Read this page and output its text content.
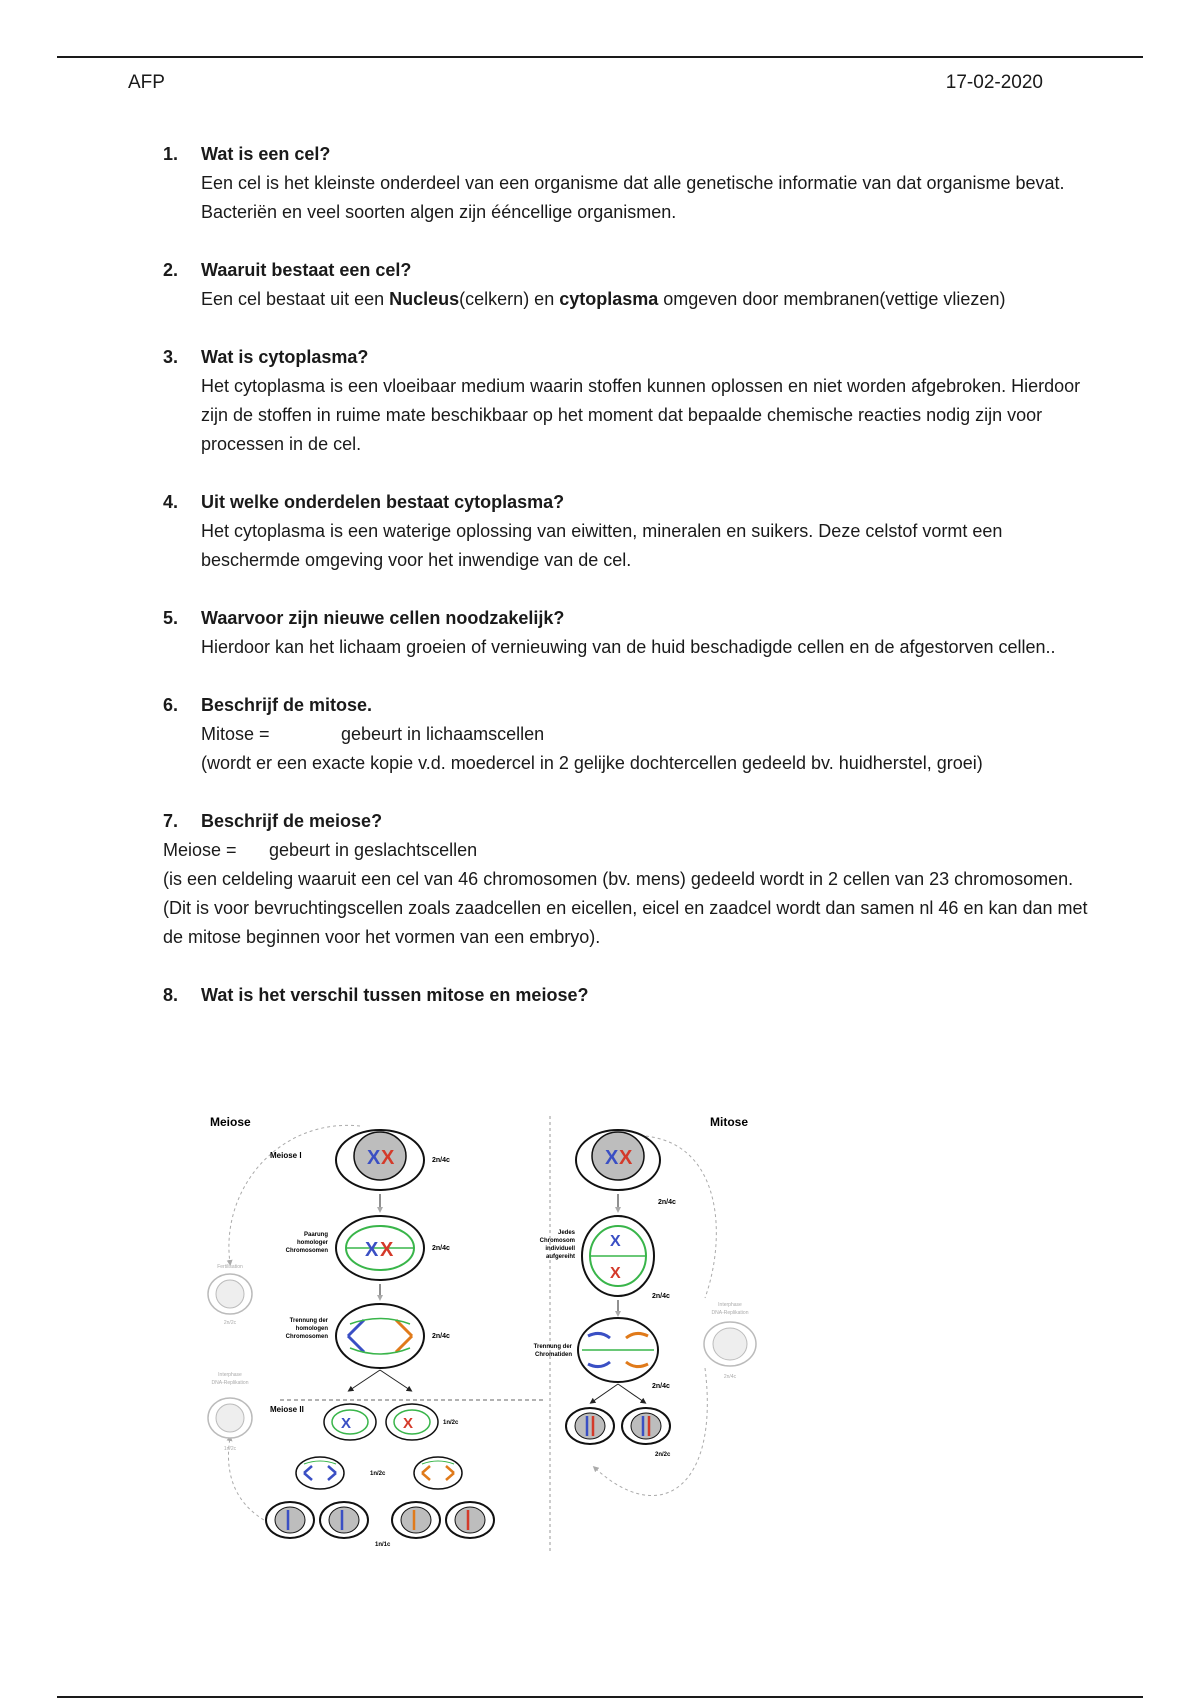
AFP	17-02-2020
1. Wat is een cel?
Een cel is het kleinste onderdeel van een organisme dat alle genetische informatie van dat organisme bevat. Bacteriën en veel soorten algen zijn ééncellige organismen.
2. Waaruit bestaat een cel?
Een cel bestaat uit een Nucleus(celkern) en cytoplasma omgeven door membranen(vettige vliezen)
3. Wat is cytoplasma?
Het cytoplasma is een vloeibaar medium waarin stoffen kunnen oplossen en niet worden afgebroken. Hierdoor zijn de stoffen in ruime mate beschikbaar op het moment dat bepaalde chemische reacties nodig zijn voor processen in de cel.
4. Uit welke onderdelen bestaat cytoplasma?
Het cytoplasma is een waterige oplossing van eiwitten, mineralen en suikers. Deze celstof vormt een beschermde omgeving voor het inwendige van de cel.
5. Waarvoor zijn nieuwe cellen noodzakelijk?
Hierdoor kan het lichaam groeien of vernieuwing van de huid beschadigde cellen en de afgestorven cellen..
6. Beschrijf de mitose.
Mitose =	gebeurt in lichaamscellen
(wordt er een exacte kopie v.d. moedercel in 2 gelijke dochtercellen gedeeld bv. huidherstel, groei)
7. Beschrijf de meiose?
Meiose = gebeurt in geslachtscellen
(is een celdeling waaruit een cel van 46 chromosomen (bv. mens) gedeeld wordt in 2 cellen van 23 chromosomen. (Dit is voor bevruchtingscellen zoals zaadcellen en eicellen, eicel en zaadcel wordt dan samen nl 46 en kan dan met de mitose beginnen voor het vormen van een embryo).
8. Wat is het verschil tussen mitose en meiose?
Meiose	Mitose
Meiose I	X X	2n/4c
X X	2n/4c
Paarung
homologer
Chromosomen
2n/4c
Trennung der
homologen
Chromosomen
Meiose II
X	X	1n/2c
1n/2c
1n/1c
Fertilisation
2n/2c
Interphase
DNA-Replikation
1n/2c
X X
2n/4c
X
X
Jedes
Chromosom
individuell
aufgereiht
2n/4c
Trennung der
Chromatiden
2n/4c
2n/2c
Interphase
DNA-Replikation
2n/4c
